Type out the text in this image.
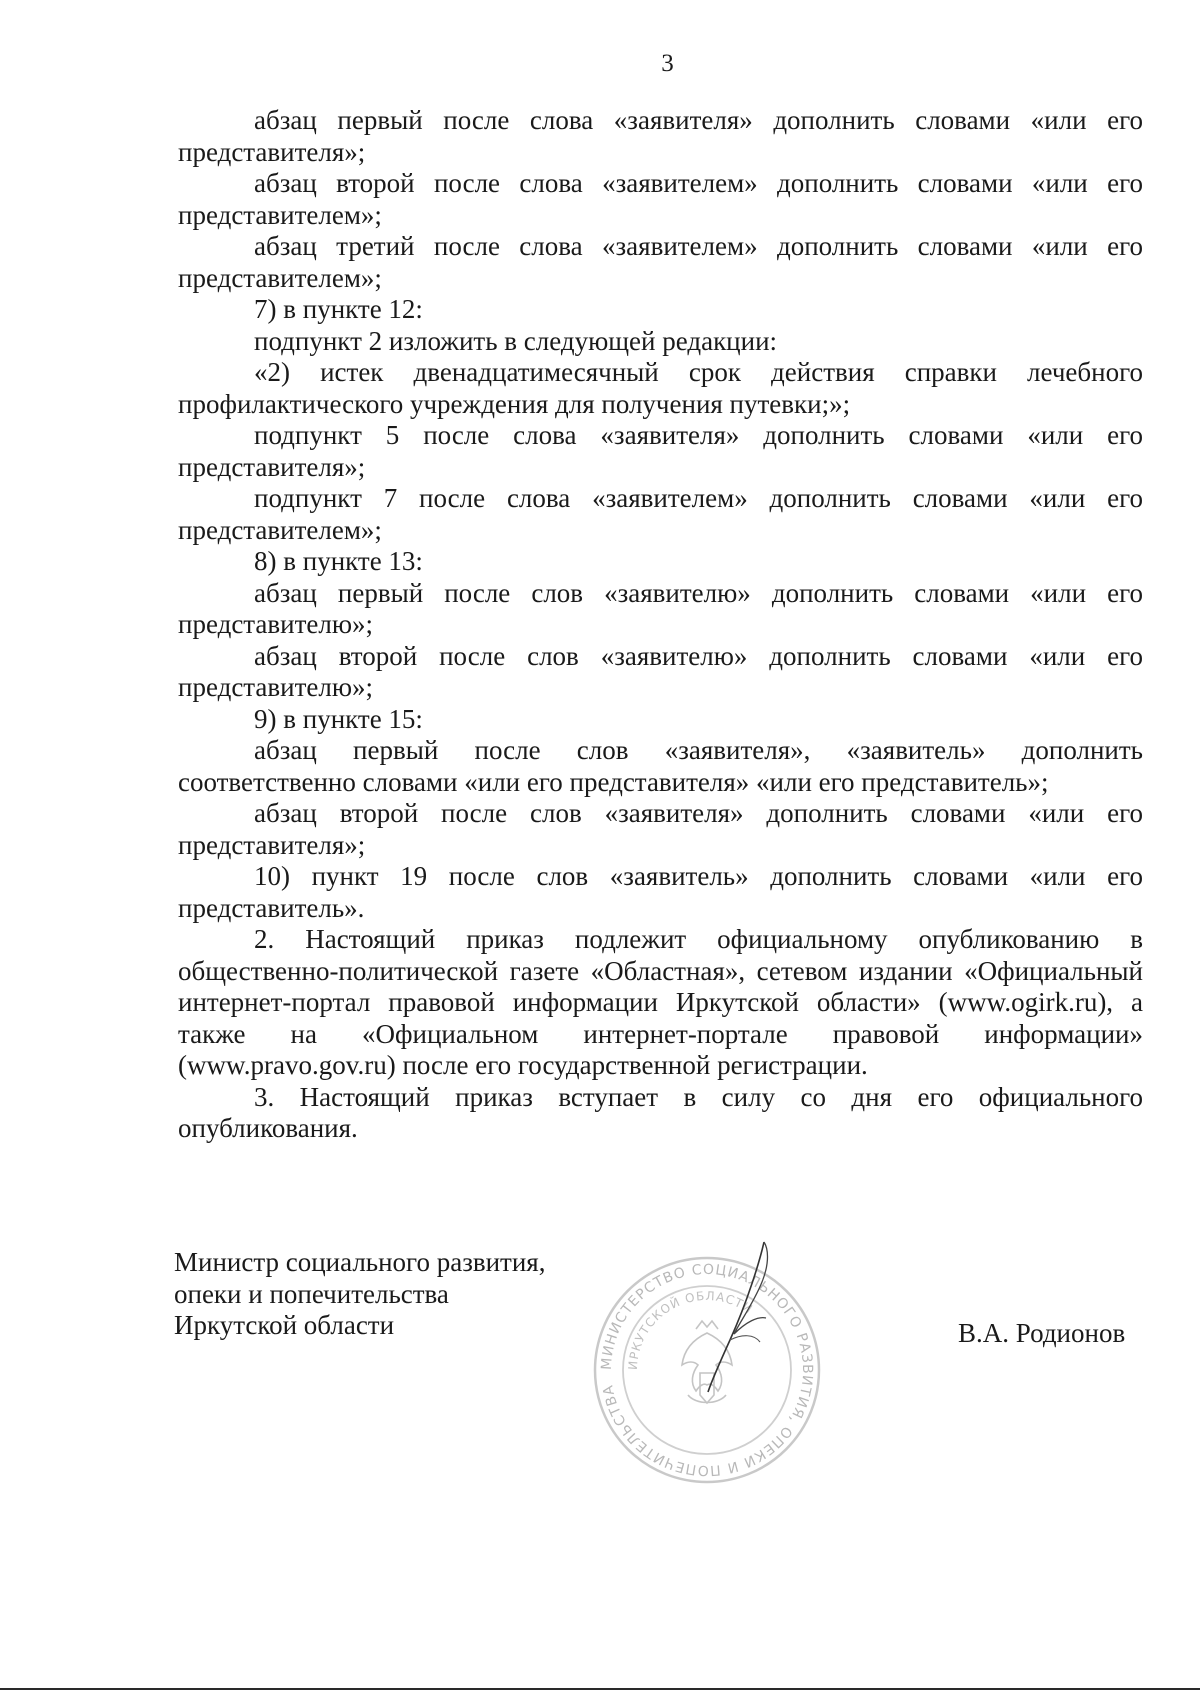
3

абзац первый после слова «заявителя» дополнить словами «или его представителя»;

абзац второй после слова «заявителем» дополнить словами «или его представителем»;

абзац третий после слова «заявителем» дополнить словами «или его представителем»;

7) в пункте 12:

подпункт 2 изложить в следующей редакции:

«2) истек двенадцатимесячный срок действия справки лечебного профилактического учреждения для получения путевки;»;

подпункт 5 после слова «заявителя» дополнить словами «или его представителя»;

подпункт 7 после слова «заявителем» дополнить словами «или его представителем»;

8) в пункте 13:

абзац первый после слов «заявителю» дополнить словами «или его представителю»;

абзац второй после слов «заявителю» дополнить словами «или его представителю»;

9) в пункте 15:

абзац первый после слов «заявителя», «заявитель» дополнить соответственно словами «или его представителя» «или его представитель»;

абзац второй после слов «заявителя» дополнить словами «или его представителя»;

10) пункт 19 после слов «заявитель» дополнить словами «или его представитель».

2. Настоящий приказ подлежит официальному опубликованию в общественно-политической газете «Областная», сетевом издании «Официальный интернет-портал правовой информации Иркутской области» (www.ogirk.ru), а также на «Официальном интернет-портале правовой информации» (www.pravo.gov.ru) после его государственной регистрации.

3. Настоящий приказ вступает в силу со дня его официального опубликования.

Министр социального развития,
опеки и попечительства
Иркутской области
МИНИСТЕРСТВО СОЦИАЛЬНОГО РАЗВИТИЯ, ОПЕКИ И ПОПЕЧИТЕЛЬСТВА
ИРКУТСКОЙ ОБЛАСТИ
В.А. Родионов
